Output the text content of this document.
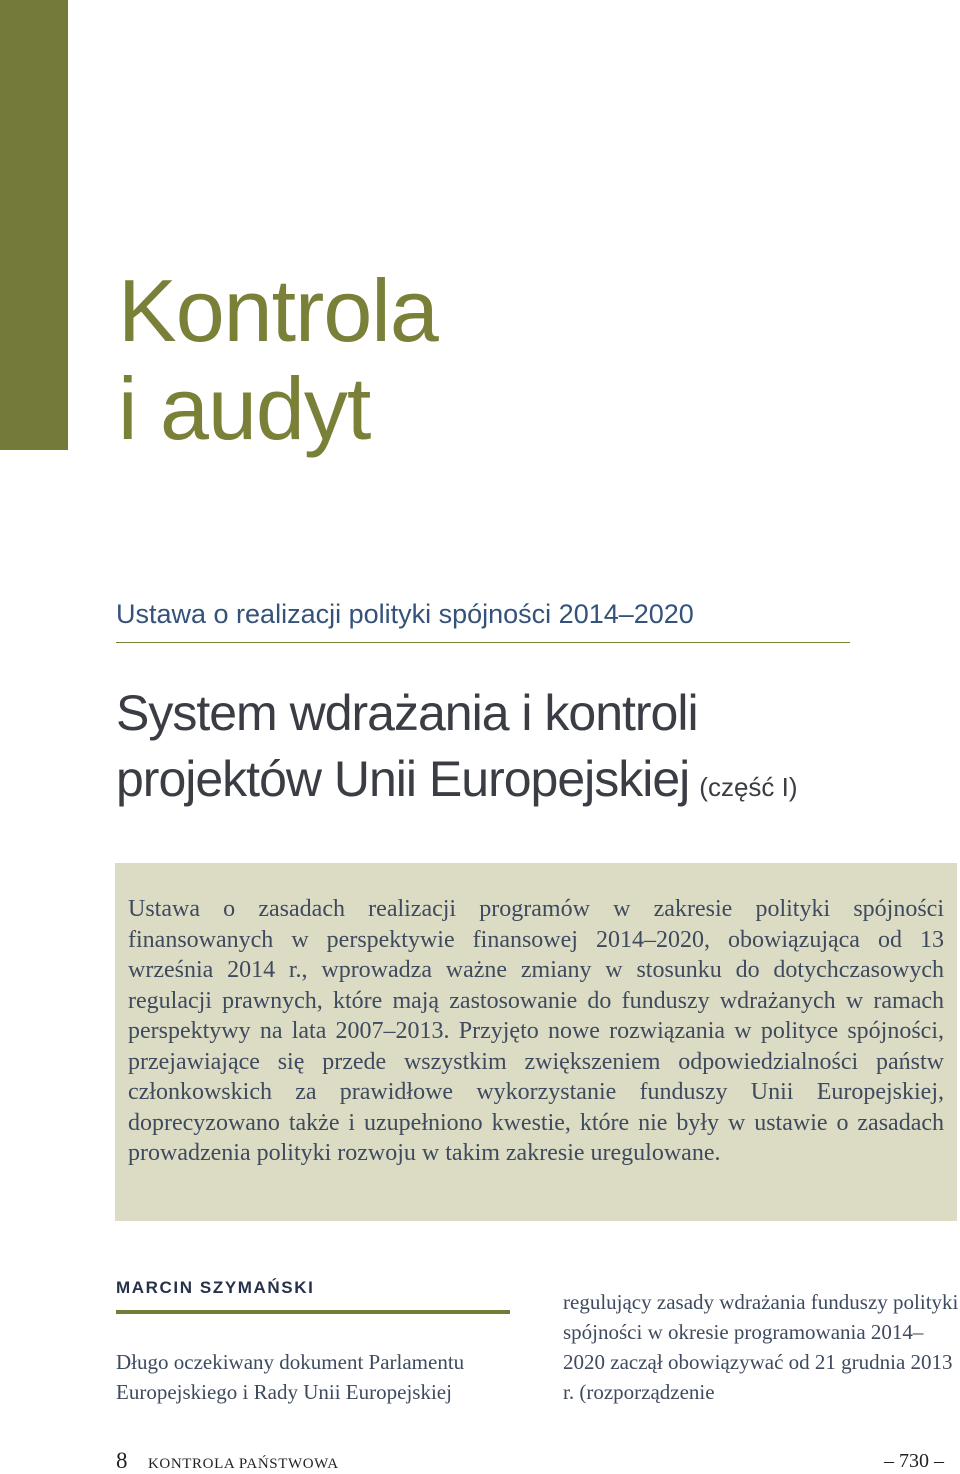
Kontrola
i audyt
Ustawa o realizacji polityki spójności 2014–2020
System wdrażania i kontroli
projektów Unii Europejskiej (część I)

Ustawa o zasadach realizacji programów w zakresie polityki spójności finansowanych w perspektywie finansowej 2014–2020, obowiązująca od 13 września 2014 r., wprowadza ważne zmiany w stosunku do dotychczasowych regulacji prawnych, które mają zastosowanie do funduszy wdrażanych w ramach perspektywy na lata 2007–2013. Przyjęto nowe rozwiązania w polityce spójności, przejawiające się przede wszystkim zwiększeniem odpowiedzialności państw członkowskich za prawidłowe wykorzystanie funduszy Unii Europejskiej, doprecyzowano także i uzupełniono kwestie, które nie były w ustawie o zasadach prowadzenia polityki rozwoju w takim zakresie uregulowane.

MARCIN SZYMAŃSKI

Długo oczekiwany dokument Parlamentu Europejskiego i Rady Unii Europejskiej

regulujący zasady wdrażania funduszy polityki spójności w okresie programowania 2014–2020 zaczął obowiązywać od 21 grudnia 2013 r. (rozporządzenie

8 KONTROLA PAŃSTWOWA	– 730 –
